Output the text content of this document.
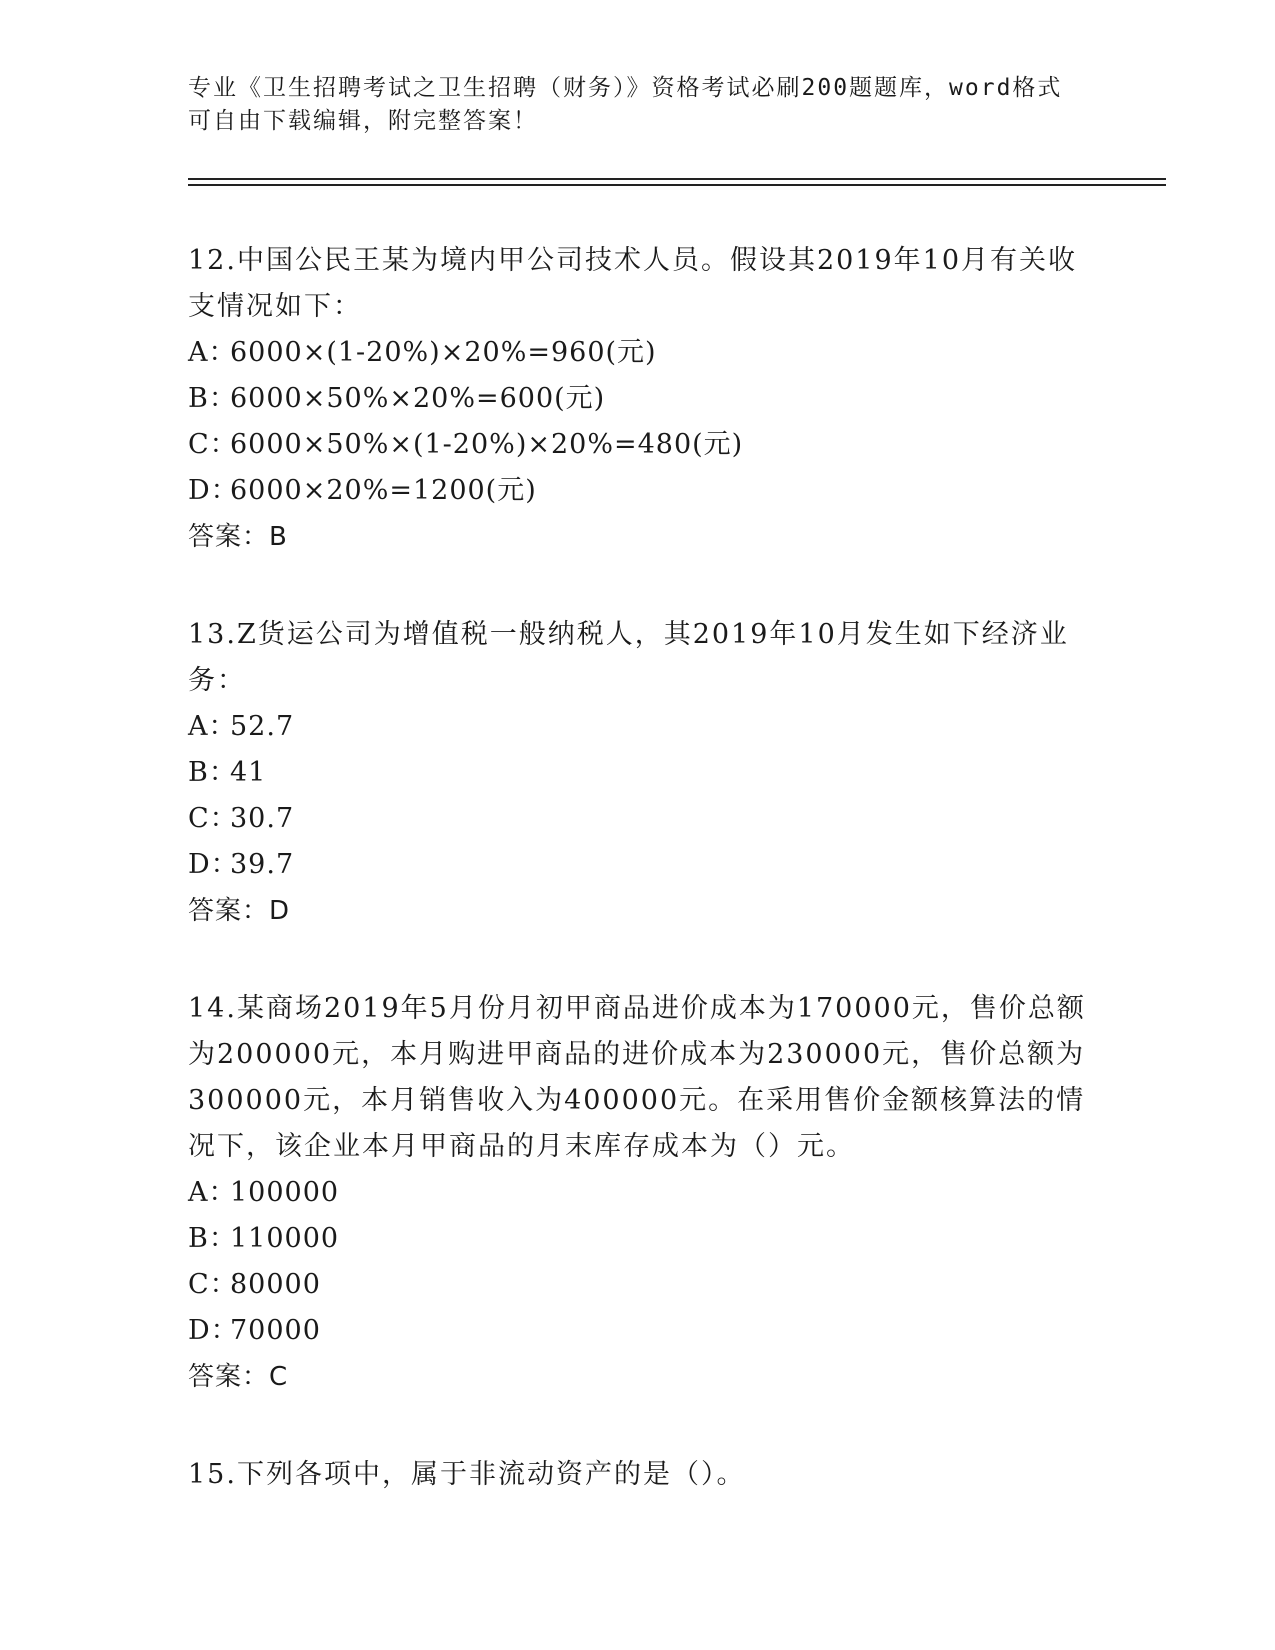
专业《卫生招聘考试之卫生招聘（财务）》资格考试必刷200题题库，word格式
可自由下载编辑，附完整答案！
12.中国公民王某为境内甲公司技术人员。假设其2019年10月有关收支情况如下：
A：6000×(1-20%)×20%=960(元)
B：6000×50%×20%=600(元)
C：6000×50%×(1-20%)×20%=480(元)
D：6000×20%=1200(元)
答案：B
13.Z货运公司为增值税一般纳税人，其2019年10月发生如下经济业务：
A：52.7
B：41
C：30.7
D：39.7
答案：D
14.某商场2019年5月份月初甲商品进价成本为170000元，售价总额为200000元，本月购进甲商品的进价成本为230000元，售价总额为300000元，本月销售收入为400000元。在采用售价金额核算法的情况下，该企业本月甲商品的月末库存成本为（）元。
A：100000
B：110000
C：80000
D：70000
答案：C
15.下列各项中，属于非流动资产的是（）。
